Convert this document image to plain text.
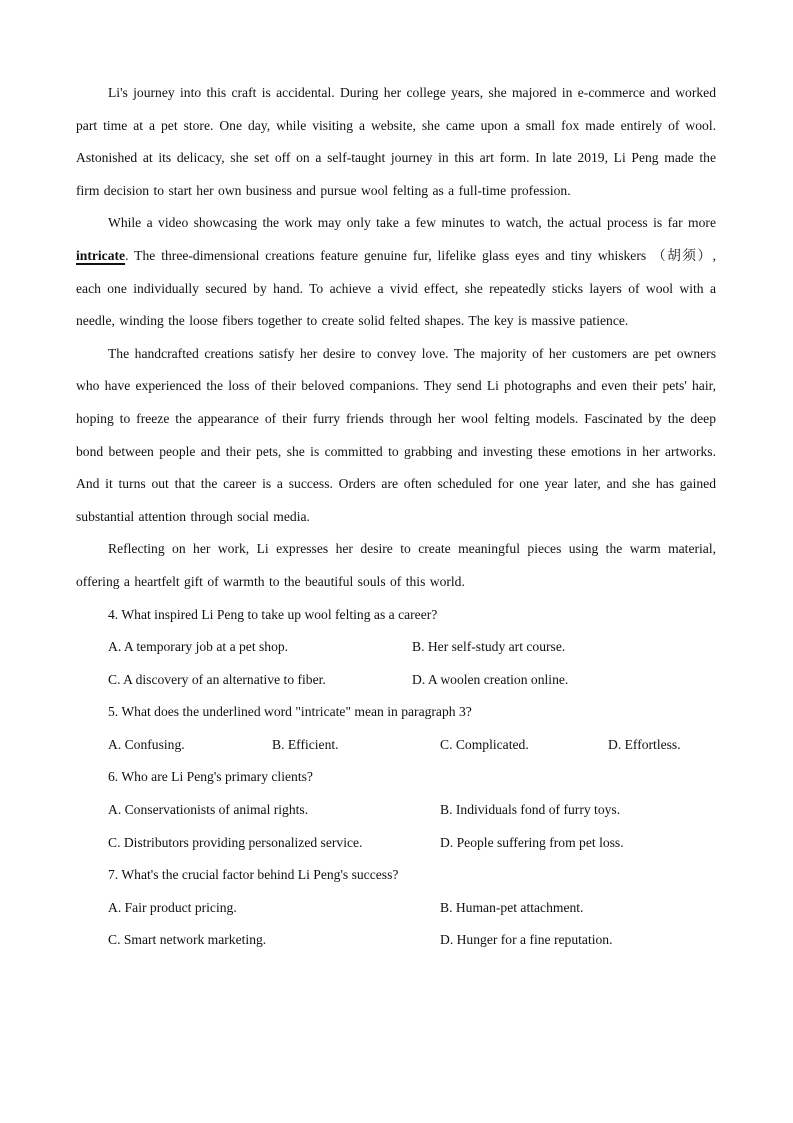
Li's journey into this craft is accidental. During her college years, she majored in e-commerce and worked part time at a pet store. One day, while visiting a website, she came upon a small fox made entirely of wool. Astonished at its delicacy, she set off on a self-taught journey in this art form. In late 2019, Li Peng made the firm decision to start her own business and pursue wool felting as a full-time profession.

While a video showcasing the work may only take a few minutes to watch, the actual process is far more intricate. The three-dimensional creations feature genuine fur, lifelike glass eyes and tiny whiskers （胡须）, each one individually secured by hand. To achieve a vivid effect, she repeatedly sticks layers of wool with a needle, winding the loose fibers together to create solid felted shapes. The key is massive patience.

The handcrafted creations satisfy her desire to convey love. The majority of her customers are pet owners who have experienced the loss of their beloved companions. They send Li photographs and even their pets' hair, hoping to freeze the appearance of their furry friends through her wool felting models. Fascinated by the deep bond between people and their pets, she is committed to grabbing and investing these emotions in her artworks. And it turns out that the career is a success. Orders are often scheduled for one year later, and she has gained substantial attention through social media.

Reflecting on her work, Li expresses her desire to create meaningful pieces using the warm material, offering a heartfelt gift of warmth to the beautiful souls of this world.

4. What inspired Li Peng to take up wool felting as a career?

A. A temporary job at a pet shop.	B. Her self-study art course.
C. A discovery of an alternative to fiber.	D. A woolen creation online.

5. What does the underlined word "intricate" mean in paragraph 3?

A. Confusing.	B. Efficient.	C. Complicated.	D. Effortless.

6. Who are Li Peng's primary clients?

A. Conservationists of animal rights.	B. Individuals fond of furry toys.
C. Distributors providing personalized service.	D. People suffering from pet loss.

7. What's the crucial factor behind Li Peng's success?

A. Fair product pricing.	B. Human-pet attachment.
C. Smart network marketing.	D. Hunger for a fine reputation.
